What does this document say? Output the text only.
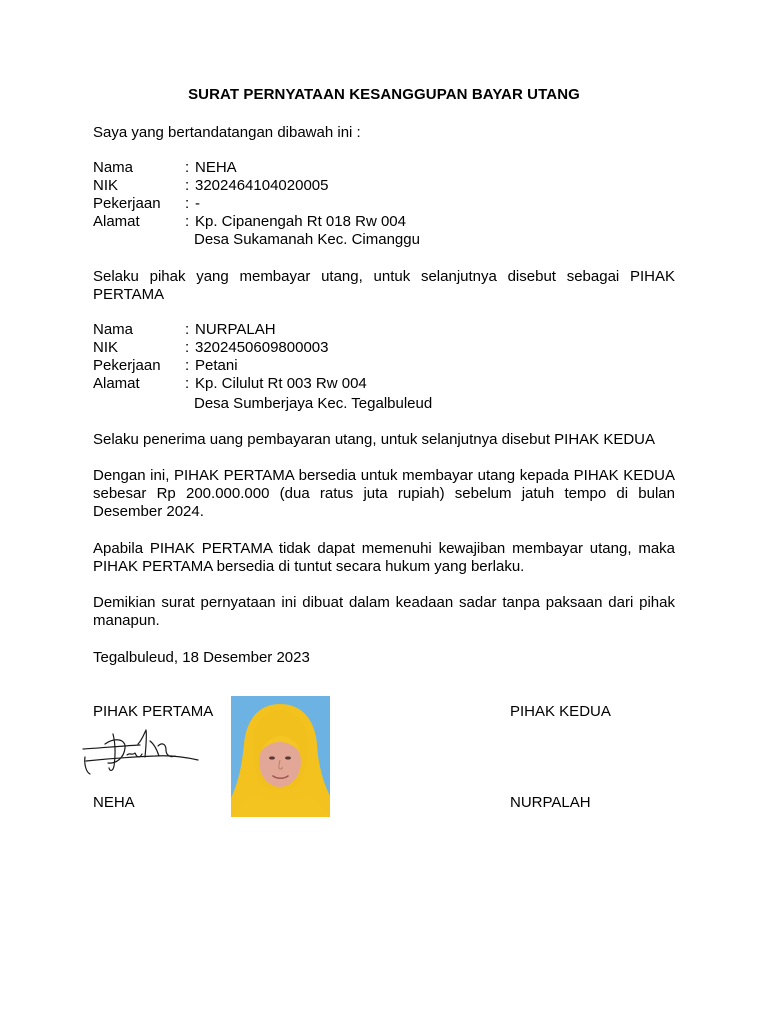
SURAT PERNYATAAN KESANGGUPAN BAYAR UTANG
Saya yang bertandatangan dibawah ini :
Nama	: NEHA
NIK	: 3202464104020005
Pekerjaan : -
Alamat	: Kp. Cipanengah Rt 018 Rw 004
Desa Sukamanah Kec. Cimanggu
Selaku pihak yang membayar utang, untuk selanjutnya disebut sebagai PIHAK PERTAMA
Nama	: NURPALAH
NIK	: 3202450609800003
Pekerjaan : Petani
Alamat	: Kp. Cilulut Rt 003 Rw 004
Desa Sumberjaya Kec. Tegalbuleud
Selaku penerima uang pembayaran utang, untuk selanjutnya disebut PIHAK KEDUA
Dengan ini, PIHAK PERTAMA bersedia untuk membayar utang kepada PIHAK KEDUA sebesar Rp 200.000.000 (dua ratus juta rupiah) sebelum jatuh tempo di bulan Desember 2024.
Apabila PIHAK PERTAMA tidak dapat memenuhi kewajiban membayar utang, maka PIHAK PERTAMA bersedia di tuntut secara hukum yang berlaku.
Demikian surat pernyataan ini dibuat dalam keadaan sadar tanpa paksaan dari pihak manapun.
Tegalbuleud, 18 Desember 2023
PIHAK PERTAMA	PIHAK KEDUA
NEHA	NURPALAH
